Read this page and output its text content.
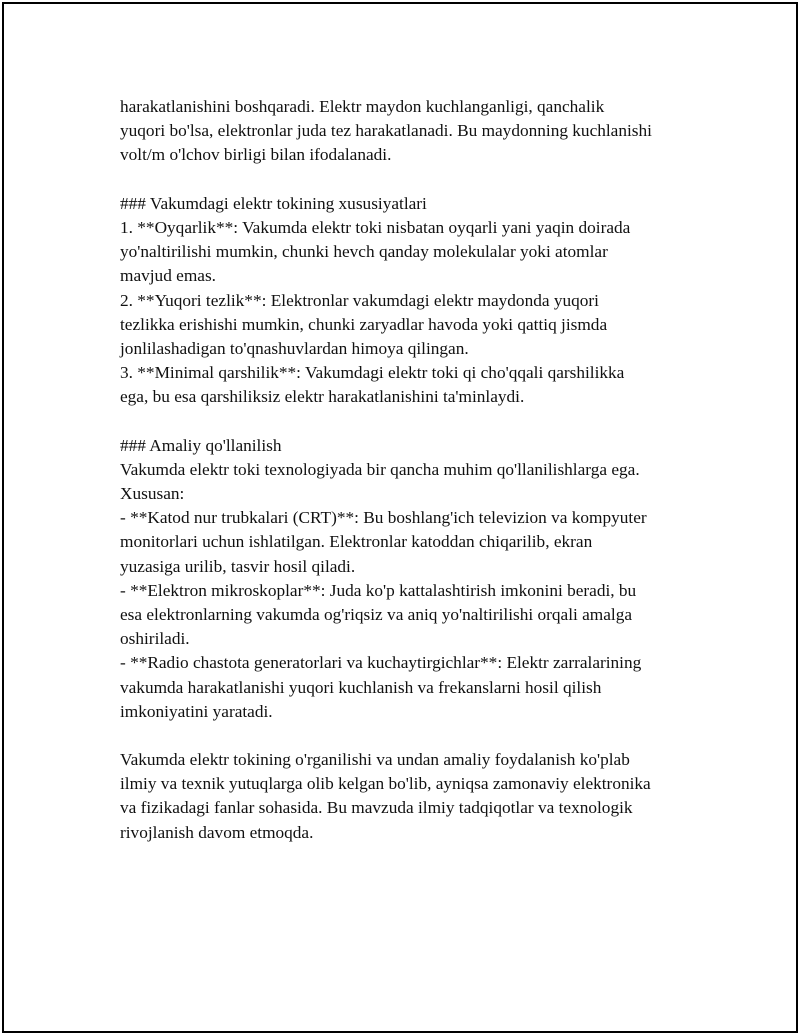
harakatlanishini boshqaradi. Elektr maydon kuchlanganligi, qanchalik
yuqori bo'lsa, elektronlar juda tez harakatlanadi. Bu maydonning kuchlanishi
volt/m o'lchov birligi bilan ifodalanadi.
### Vakumdagi elektr tokining xususiyatlari
1. **Oyqarlik**: Vakumda elektr toki nisbatan oyqarli yani yaqin doirada
yo'naltirilishi mumkin, chunki hevch qanday molekulalar yoki atomlar
mavjud emas.
2. **Yuqori tezlik**: Elektronlar vakumdagi elektr maydonda yuqori
tezlikka erishishi mumkin, chunki zaryadlar havoda yoki qattiq jismda
jonlilashadigan to'qnashuvlardan himoya qilingan.
3. **Minimal qarshilik**: Vakumdagi elektr toki qi cho'qqali qarshilikka
ega, bu esa qarshiliksiz elektr harakatlanishini ta'minlaydi.
### Amaliy qo'llanilish
Vakumda elektr toki texnologiyada bir qancha muhim qo'llanilishlarga ega.
Xususan:
- **Katod nur trubkalari (CRT)**: Bu boshlang'ich televizion va kompyuter
monitorlari uchun ishlatilgan. Elektronlar katoddan chiqarilib, ekran
yuzasiga urilib, tasvir hosil qiladi.
- **Elektron mikroskoplar**: Juda ko'p kattalashtirish imkonini beradi, bu
esa elektronlarning vakumda og'riqsiz va aniq yo'naltirilishi orqali amalga
oshiriladi.
- **Radio chastota generatorlari va kuchaytirgichlar**: Elektr zarralarining
vakumda harakatlanishi yuqori kuchlanish va frekanslarni hosil qilish
imkoniyatini yaratadi.
Vakumda elektr tokining o'rganilishi va undan amaliy foydalanish ko'plab
ilmiy va texnik yutuqlarga olib kelgan bo'lib, ayniqsa zamonaviy elektronika
va fizikadagi fanlar sohasida. Bu mavzuda ilmiy tadqiqotlar va texnologik
rivojlanish davom etmoqda.
